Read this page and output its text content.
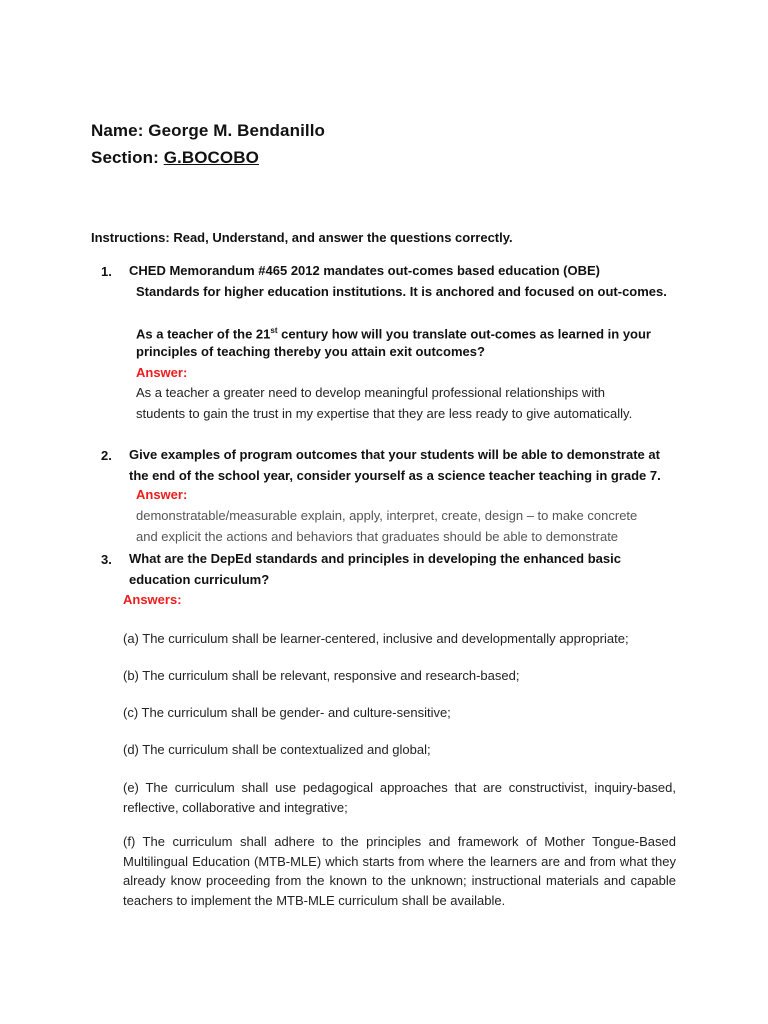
Name: George M. Bendanillo
Section: G.BOCOBO
Instructions: Read, Understand, and answer the questions correctly.
1. CHED Memorandum #465 2012 mandates out-comes based education (OBE)
Standards for higher education institutions. It is anchored and focused on out-comes.
As a teacher of the 21st century how will you translate out-comes as learned in your
principles of teaching thereby you attain exit outcomes?
Answer:
As a teacher a greater need to develop meaningful professional relationships with
students to gain the trust in my expertise that they are less ready to give automatically.
2. Give examples of program outcomes that your students will be able to demonstrate at
the end of the school year, consider yourself as a science teacher teaching in grade 7.
Answer:
demonstratable/measurable explain, apply, interpret, create, design – to make concrete
and explicit the actions and behaviors that graduates should be able to demonstrate
3. What are the DepEd standards and principles in developing the enhanced basic
education curriculum?
Answers:
(a) The curriculum shall be learner-centered, inclusive and developmentally appropriate;
(b) The curriculum shall be relevant, responsive and research-based;
(c) The curriculum shall be gender- and culture-sensitive;
(d) The curriculum shall be contextualized and global;
(e) The curriculum shall use pedagogical approaches that are constructivist, inquiry-based, reflective, collaborative and integrative;
(f) The curriculum shall adhere to the principles and framework of Mother Tongue-Based Multilingual Education (MTB-MLE) which starts from where the learners are and from what they already know proceeding from the known to the unknown; instructional materials and capable teachers to implement the MTB-MLE curriculum shall be available.
